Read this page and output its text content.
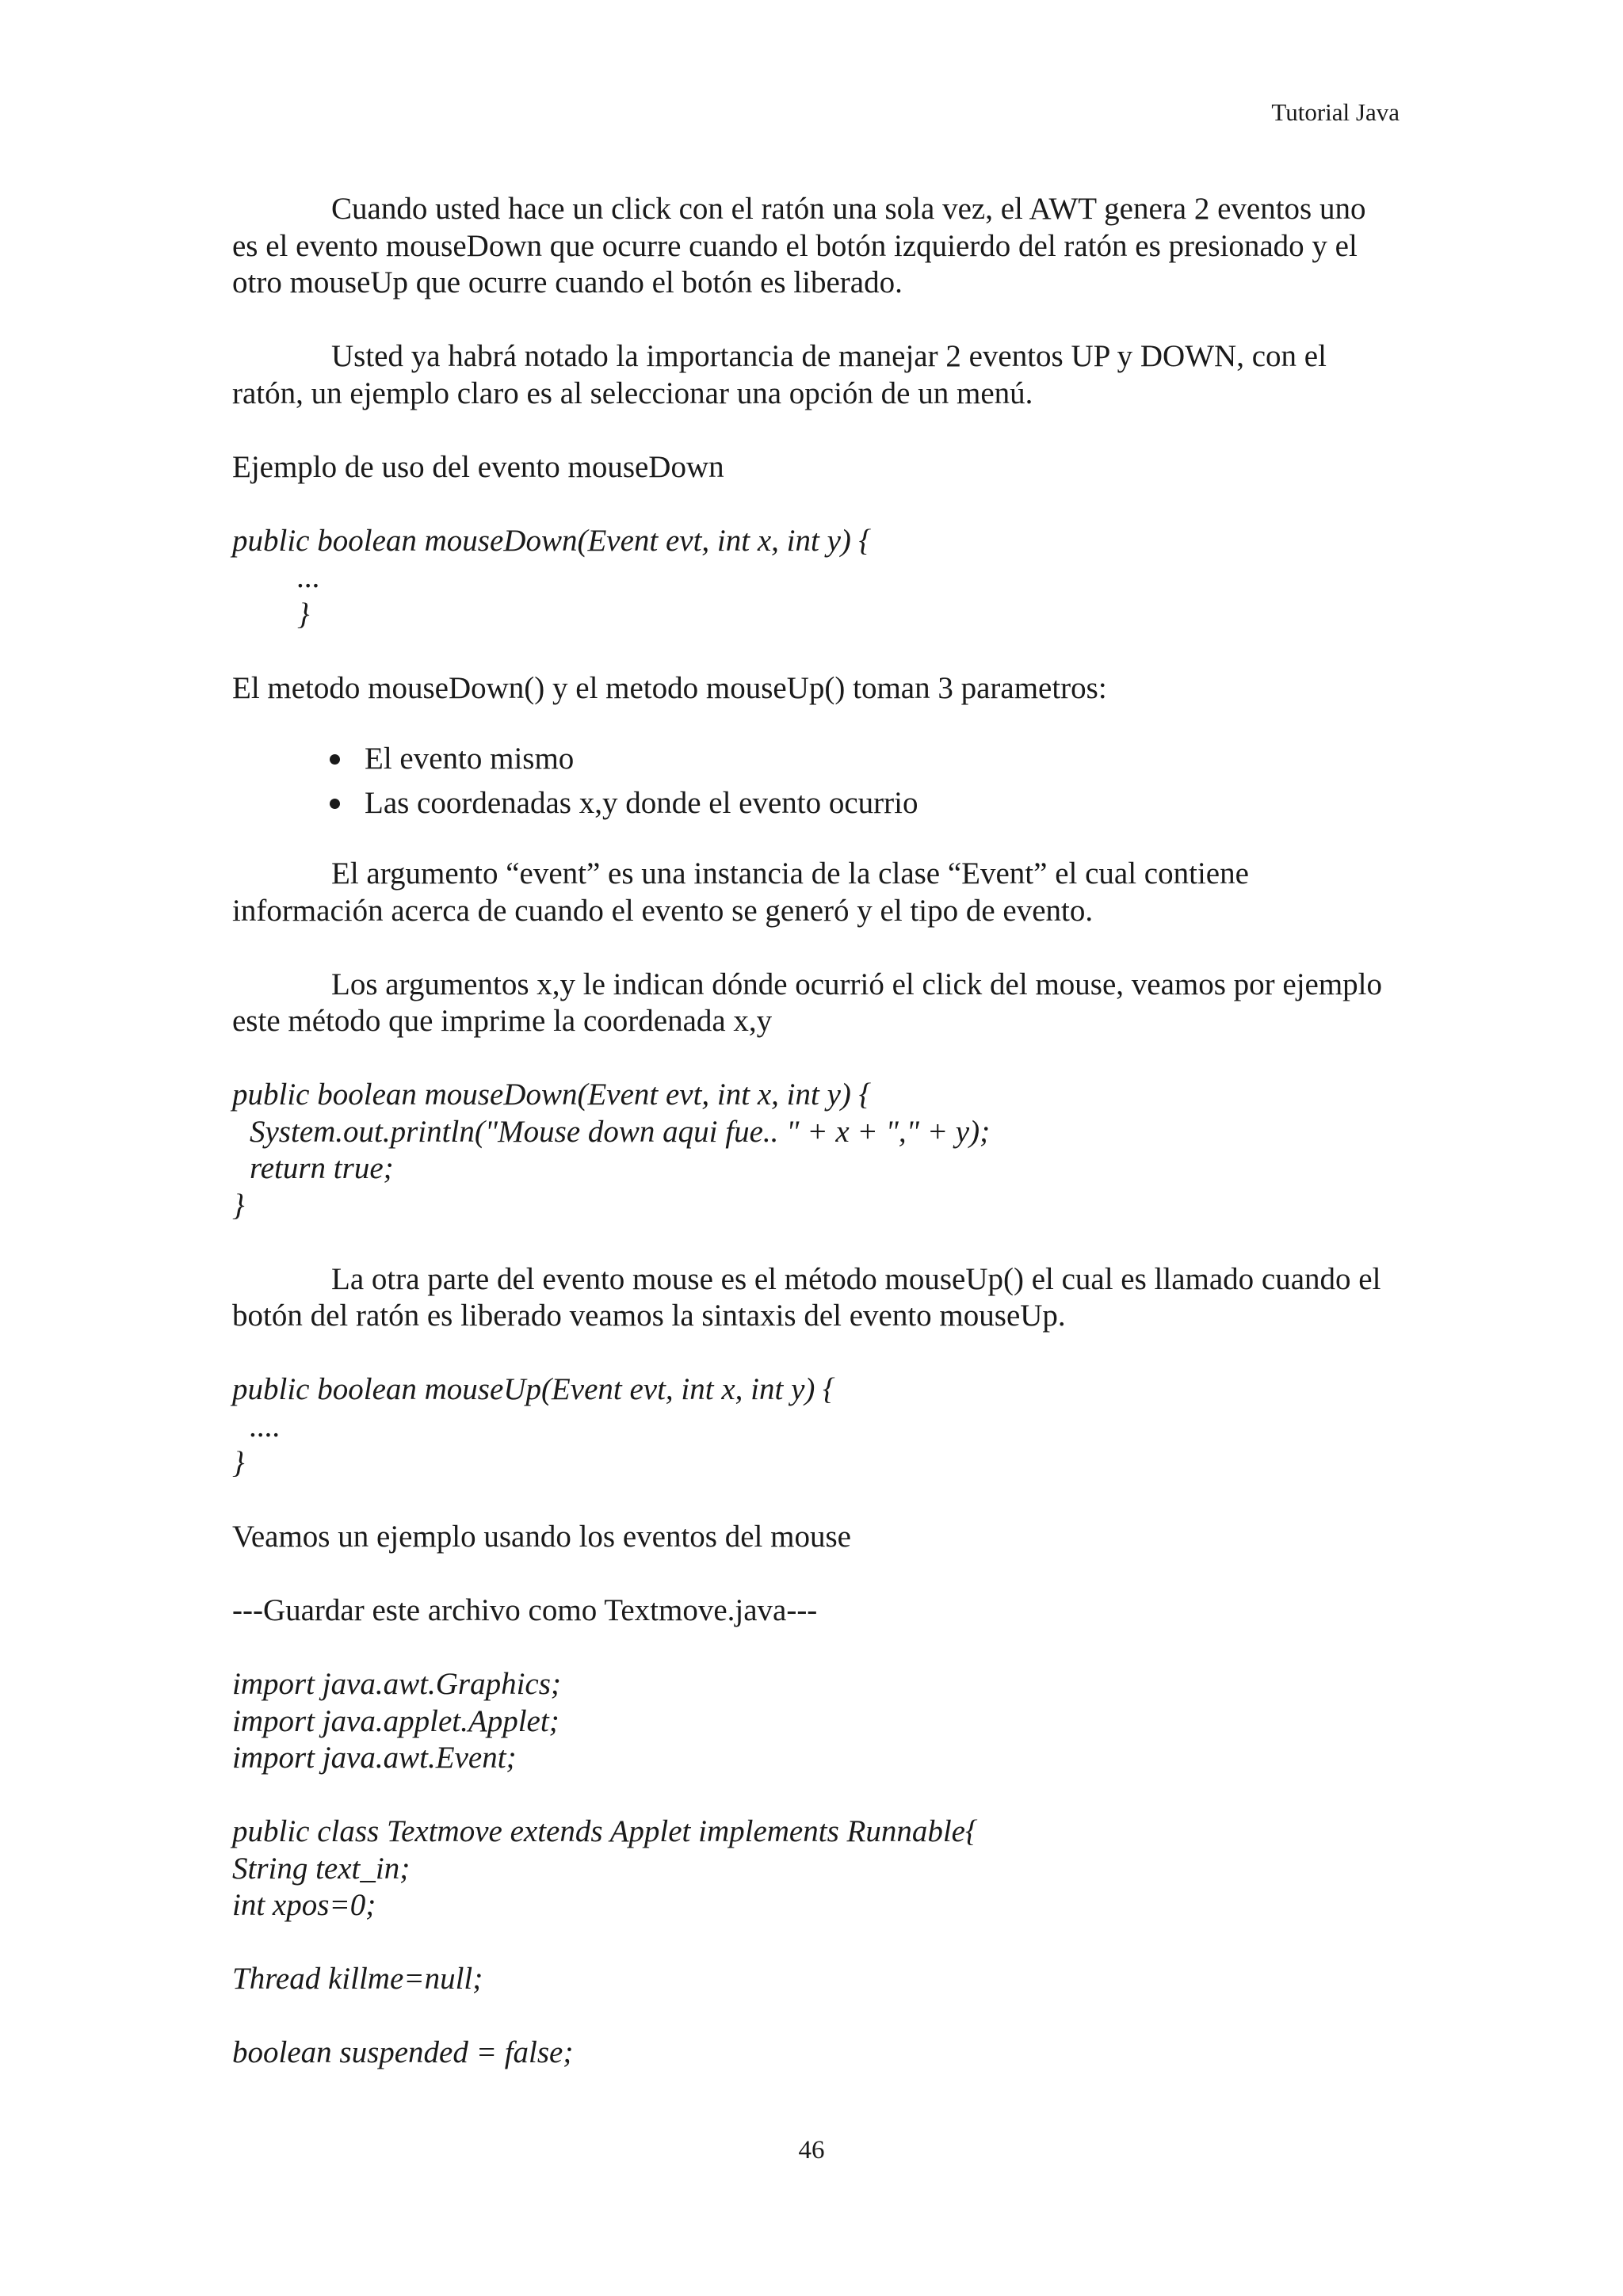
Tutorial Java

Cuando usted hace un click con el ratón una sola vez, el AWT genera 2 eventos uno es el evento mouseDown que ocurre cuando el botón izquierdo del ratón es presionado y el otro mouseUp que ocurre cuando el botón es liberado.

Usted ya habrá notado la importancia de manejar 2 eventos UP y DOWN, con el ratón, un ejemplo claro es al seleccionar una opción de un menú.

Ejemplo de uso del evento mouseDown

public boolean mouseDown(Event evt, int x, int y) {

...

}

El metodo mouseDown() y el metodo mouseUp() toman 3 parametros:

El evento mismo
Las coordenadas x,y donde el evento ocurrio

El argumento “event” es una instancia de la clase “Event” el cual contiene información acerca de cuando el evento se generó y el tipo de evento.

Los argumentos x,y le indican dónde ocurrió el click del mouse, veamos por ejemplo este método que imprime la coordenada x,y

public boolean mouseDown(Event evt, int x, int y) {

System.out.println("Mouse down aqui fue.. " + x + "," + y);

return true;

}

La otra parte del evento mouse es el método mouseUp() el cual es llamado cuando el botón del ratón es liberado veamos la sintaxis del evento mouseUp.

public boolean mouseUp(Event evt, int x, int y) {

....

}

Veamos un ejemplo usando los eventos del mouse

---Guardar este archivo como Textmove.java---

import java.awt.Graphics;

import java.applet.Applet;

import java.awt.Event;

public class Textmove extends Applet implements Runnable{

String text_in;

int xpos=0;

Thread killme=null;

boolean suspended = false;

46
